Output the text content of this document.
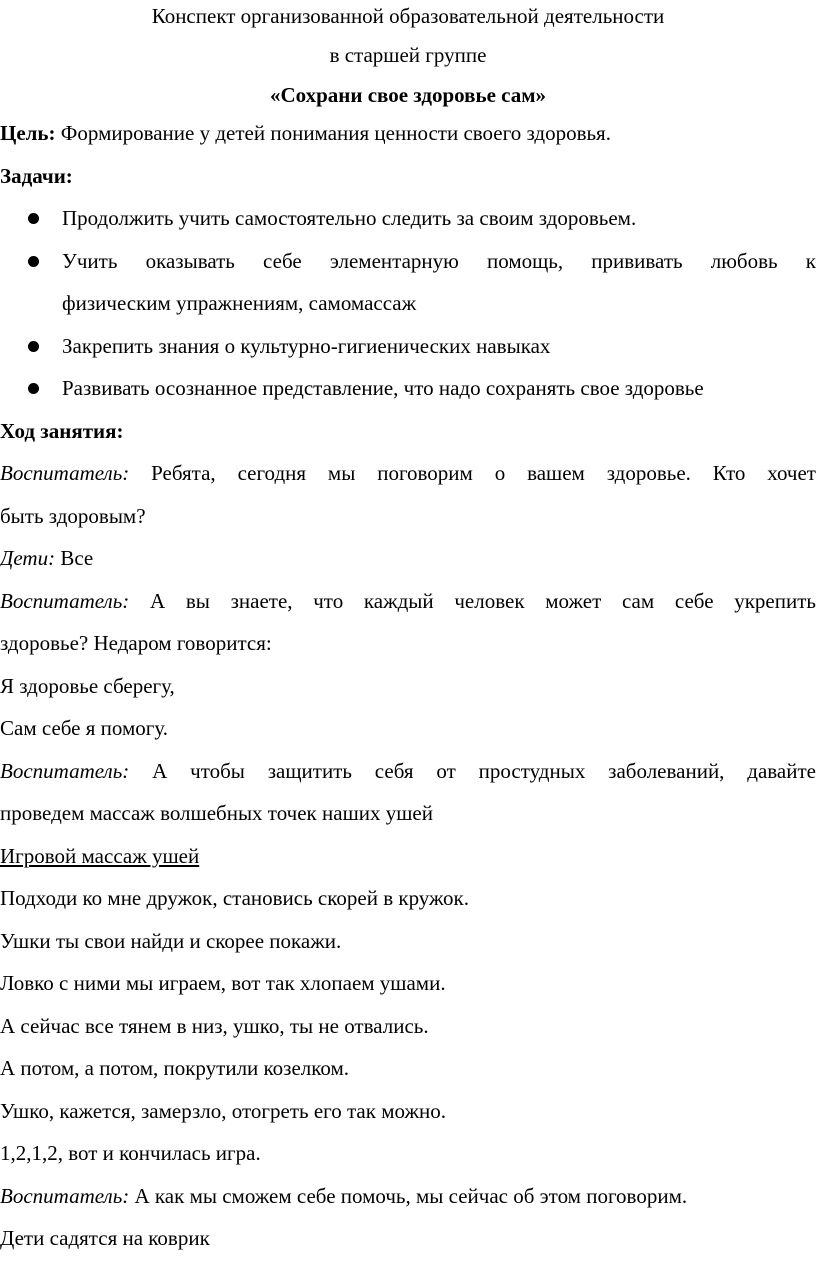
Конспект организованной образовательной деятельности
в старшей группе
«Сохрани свое здоровье сам»
Цель: Формирование у детей понимания ценности своего здоровья.
Задачи:
Продолжить учить самостоятельно следить за своим здоровьем.
Учить оказывать себе элементарную помощь, прививать любовь к
физическим упражнениям, самомассаж
Закрепить знания о культурно-гигиенических навыках
Развивать осознанное представление, что надо сохранять свое здоровье
Ход занятия:
Воспитатель: Ребята, сегодня мы поговорим о вашем здоровье. Кто хочет
быть здоровым?
Дети: Все
Воспитатель: А вы знаете, что каждый человек может сам себе укрепить
здоровье? Недаром говорится:
Я здоровье сберегу,
Сам себе я помогу.
Воспитатель: А чтобы защитить себя от простудных заболеваний, давайте
проведем массаж волшебных точек наших ушей
Игровой массаж ушей
Подходи ко мне дружок, становись скорей в кружок.
Ушки ты свои найди и скорее покажи.
Ловко с ними мы играем, вот так хлопаем ушами.
А сейчас все тянем в низ, ушко, ты не отвались.
А потом, а потом, покрутили козелком.
Ушко, кажется, замерзло, отогреть его так можно.
1,2,1,2, вот и кончилась игра.
Воспитатель: А как мы сможем себе помочь, мы сейчас об этом поговорим.
Дети садятся на коврик
